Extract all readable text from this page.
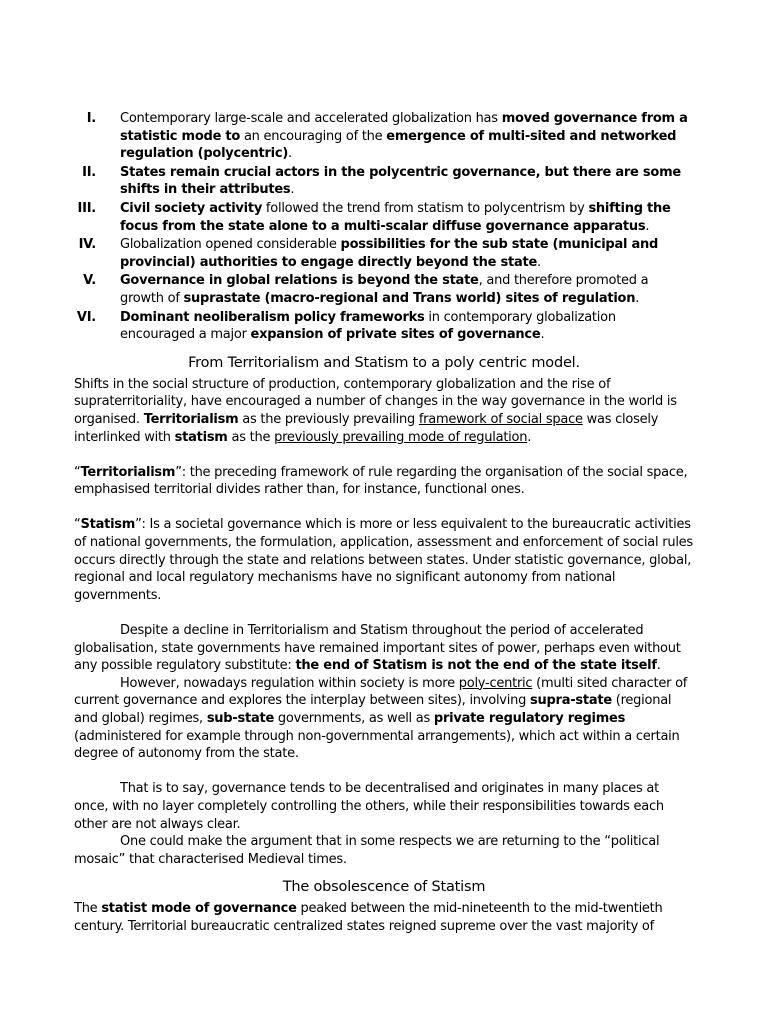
I. Contemporary large-scale and accelerated globalization has moved governance from a statistic mode to an encouraging of the emergence of multi-sited and networked regulation (polycentric).
II. States remain crucial actors in the polycentric governance, but there are some shifts in their attributes.
III. Civil society activity followed the trend from statism to polycentrism by shifting the focus from the state alone to a multi-scalar diffuse governance apparatus.
IV. Globalization opened considerable possibilities for the sub state (municipal and provincial) authorities to engage directly beyond the state.
V. Governance in global relations is beyond the state, and therefore promoted a growth of suprastate (macro-regional and Trans world) sites of regulation.
VI. Dominant neoliberalism policy frameworks in contemporary globalization encouraged a major expansion of private sites of governance.
From Territorialism and Statism to a poly centric model.

Shifts in the social structure of production, contemporary globalization and the rise of supraterritoriality, have encouraged a number of changes in the way governance in the world is organised. Territorialism as the previously prevailing framework of social space was closely interlinked with statism as the previously prevailing mode of regulation.

“Territorialism”: the preceding framework of rule regarding the organisation of the social space, emphasised territorial divides rather than, for instance, functional ones.

“Statism”: Is a societal governance which is more or less equivalent to the bureaucratic activities of national governments, the formulation, application, assessment and enforcement of social rules occurs directly through the state and relations between states. Under statistic governance, global, regional and local regulatory mechanisms have no significant autonomy from national governments.

Despite a decline in Territorialism and Statism throughout the period of accelerated globalisation, state governments have remained important sites of power, perhaps even without any possible regulatory substitute: the end of Statism is not the end of the state itself.

However, nowadays regulation within society is more poly-centric (multi sited character of current governance and explores the interplay between sites), involving supra-state (regional and global) regimes, sub-state governments, as well as private regulatory regimes (administered for example through non-governmental arrangements), which act within a certain degree of autonomy from the state.

That is to say, governance tends to be decentralised and originates in many places at once, with no layer completely controlling the others, while their responsibilities towards each other are not always clear.

One could make the argument that in some respects we are returning to the “political mosaic” that characterised Medieval times.

The obsolescence of Statism

The statist mode of governance peaked between the mid-nineteenth to the mid-twentieth century. Territorial bureaucratic centralized states reigned supreme over the vast majority of
